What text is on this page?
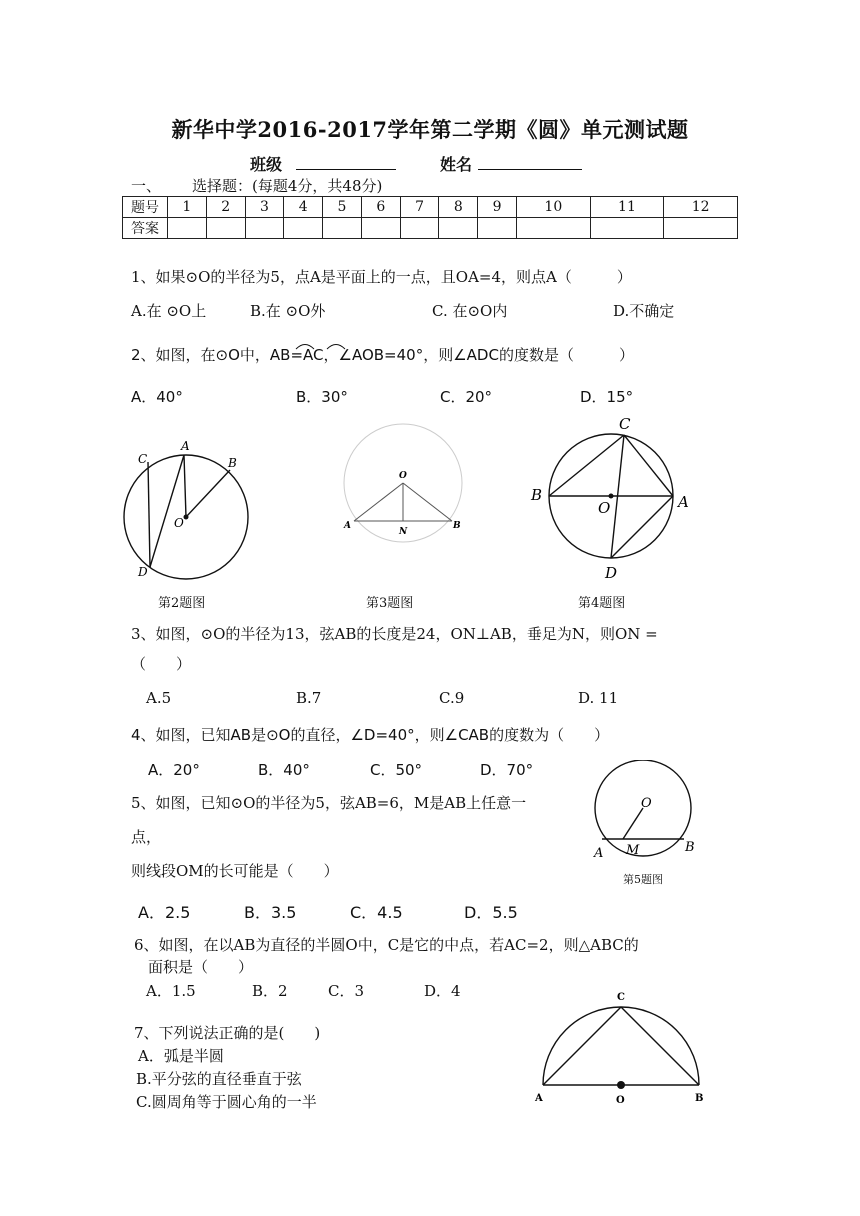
新华中学2016-2017学年第二学期《圆》单元测试题
班级	姓名
一、 选择题：(每题4分，共48分)
题号	1	2	3	4	5	6	7	8	9	10	11	12
答案												
1、如果⊙O的半径为5，点A是平面上的一点，且OA=4，则点A（　　　）
A.在 ⊙O上	B.在 ⊙O外	C. 在⊙O内	D.不确定
2、如图，在⊙O中，AB=AC，∠AOB=40°，则∠ADC的度数是（　　　）
A．40°	B．30°	C．20°	D．15°
A
B
C
D
O
O
A
N
B
C
B
O	A
D
第2题图	第3题图	第4题图
3、如图，⊙O的半径为13，弦AB的长度是24，ON⊥AB，垂足为N，则ON =
（　　）
A.5	B.7	C.9	D. 11
4、如图，已知AB是⊙O的直径，∠D=40°，则∠CAB的度数为（　　）
A．20°	B．40°	C．50°	D．70°
O
A M	B
第5题图
5、如图，已知⊙O的半径为5，弦AB=6，M是AB上任意一
点，
则线段OM的长可能是（　　）
A．2.5	B．3.5	C．4.5	D．5.5
6、如图，在以AB为直径的半圆O中，C是它的中点，若AC=2，则△ABC的
面积是（　　）
A．1.5	B．2	C．3	D．4	C
A	O	B
7、下列说法正确的是(　　)
A．弧是半圆
B.平分弦的直径垂直于弦
C.圆周角等于圆心角的一半
